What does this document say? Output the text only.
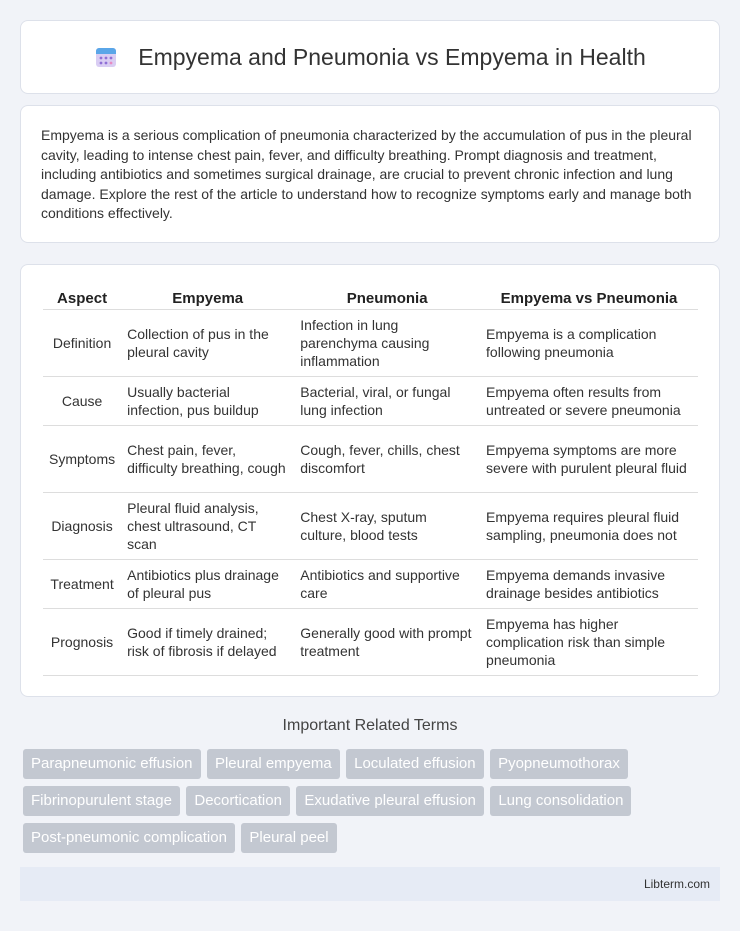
Empyema and Pneumonia vs Empyema in Health

Empyema is a serious complication of pneumonia characterized by the accumulation of pus in the pleural cavity, leading to intense chest pain, fever, and difficulty breathing. Prompt diagnosis and treatment, including antibiotics and sometimes surgical drainage, are crucial to prevent chronic infection and lung damage. Explore the rest of the article to understand how to recognize symptoms early and manage both conditions effectively.

Aspect	Empyema	Pneumonia	Empyema vs Pneumonia
Definition	Collection of pus in the pleural cavity	Infection in lung parenchyma causing inflammation	Empyema is a complication following pneumonia
Cause	Usually bacterial infection, pus buildup	Bacterial, viral, or fungal lung infection	Empyema often results from untreated or severe pneumonia
Symptoms	Chest pain, fever, difficulty breathing, cough	Cough, fever, chills, chest discomfort	Empyema symptoms are more severe with purulent pleural fluid
Diagnosis	Pleural fluid analysis, chest ultrasound, CT scan	Chest X-ray, sputum culture, blood tests	Empyema requires pleural fluid sampling, pneumonia does not
Treatment	Antibiotics plus drainage of pleural pus	Antibiotics and supportive care	Empyema demands invasive drainage besides antibiotics
Prognosis	Good if timely drained; risk of fibrosis if delayed	Generally good with prompt treatment	Empyema has higher complication risk than simple pneumonia
Important Related Terms
Parapneumonic effusion Pleural empyema Loculated effusion Pyopneumothorax Fibrinopurulent stage Decortication Exudative pleural effusion Lung consolidation Post-pneumonic complication Pleural peel
Libterm.com
